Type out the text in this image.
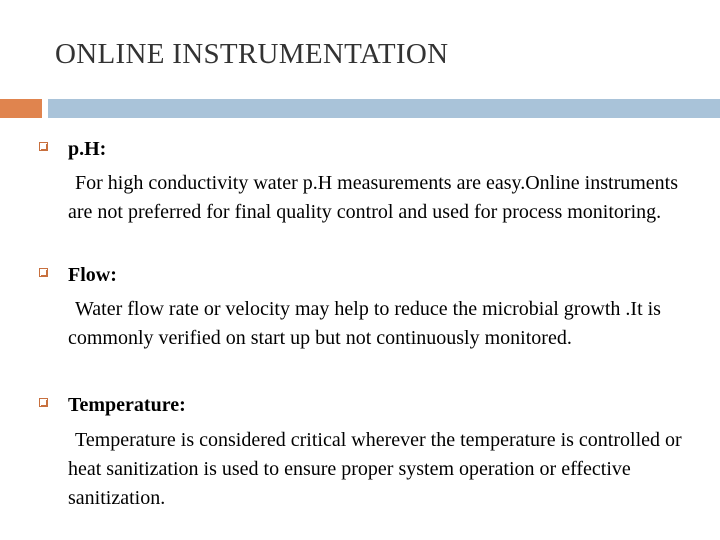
ONLINE INSTRUMENTATION
p.H:

For high conductivity water p.H measurements are easy.Online instruments are not preferred for final quality control and used for process monitoring.

Flow:

Water flow rate or velocity may help to reduce the microbial growth .It is commonly verified on start up but not continuously monitored.

Temperature:

Temperature is considered critical wherever the temperature is controlled or heat sanitization is used to ensure proper system operation or effective sanitization.
